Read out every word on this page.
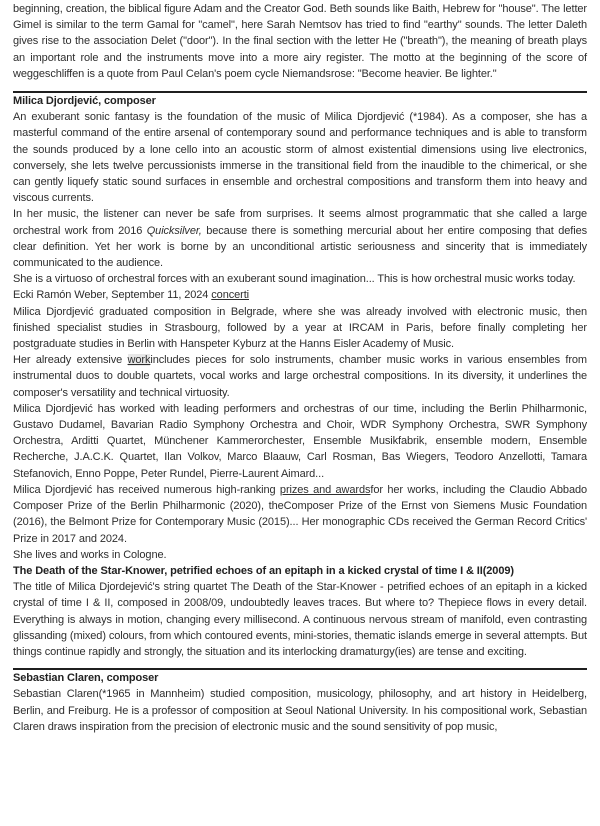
beginning, creation, the biblical figure Adam and the Creator God. Beth sounds like Baith, Hebrew for "house". The letter Gimel is similar to the term Gamal for "camel", here Sarah Nemtsov has tried to find "earthy" sounds. The letter Daleth gives rise to the association Delet ("door"). In the final section with the letter He ("breath"), the meaning of breath plays an important role and the instruments move into a more airy register. The motto at the beginning of the score of weggeschliffen is a quote from Paul Celan's poem cycle Niemandsrose: "Become heavier. Be lighter."

Milica Djordjević, composer

An exuberant sonic fantasy is the foundation of the music of Milica Djordjević (*1984). As a composer, she has a masterful command of the entire arsenal of contemporary sound and performance techniques and is able to transform the sounds produced by a lone cello into an acoustic storm of almost existential dimensions using live electronics, conversely, she lets twelve percussionists immerse in the transitional field from the inaudible to the chimerical, or she can gently liquefy static sound surfaces in ensemble and orchestral compositions and transform them into heavy and viscous currents.

In her music, the listener can never be safe from surprises. It seems almost programmatic that she called a large orchestral work from 2016 Quicksilver, because there is something mercurial about her entire composing that defies clear definition. Yet her work is borne by an unconditional artistic seriousness and sincerity that is immediately communicated to the audience.

She is a virtuoso of orchestral forces with an exuberant sound imagination... This is how orchestral music works today.

Ecki Ramón Weber, September 11, 2024 concerti

Milica Djordjević graduated composition in Belgrade, where she was already involved with electronic music, then finished specialist studies in Strasbourg, followed by a year at IRCAM in Paris, before finally completing her postgraduate studies in Berlin with Hanspeter Kyburz at the Hanns Eisler Academy of Music.

Her already extensive workincludes pieces for solo instruments, chamber music works in various ensembles from instrumental duos to double quartets, vocal works and large orchestral compositions. In its diversity, it underlines the composer's versatility and technical virtuosity.

Milica Djordjević has worked with leading performers and orchestras of our time, including the Berlin Philharmonic, Gustavo Dudamel, Bavarian Radio Symphony Orchestra and Choir, WDR Symphony Orchestra, SWR Symphony Orchestra, Arditti Quartet, Münchener Kammerorchester, Ensemble Musikfabrik, ensemble modern, Ensemble Recherche, J.A.C.K. Quartet, Ilan Volkov, Marco Blaauw, Carl Rosman, Bas Wiegers, Teodoro Anzellotti, Tamara Stefanovich, Enno Poppe, Peter Rundel, Pierre-Laurent Aimard...

Milica Djordjević has received numerous high-ranking prizes and awardsfor her works, including the Claudio Abbado Composer Prize of the Berlin Philharmonic (2020), theComposer Prize of the Ernst von Siemens Music Foundation (2016), the Belmont Prize for Contemporary Music (2015)... Her monographic CDs received the German Record Critics' Prize in 2017 and 2024.

She lives and works in Cologne.

The Death of the Star-Knower, petrified echoes of an epitaph in a kicked crystal of time I & II(2009)

The title of Milica Djordejević's string quartet The Death of the Star-Knower - petrified echoes of an epitaph in a kicked crystal of time I & II, composed in 2008/09, undoubtedly leaves traces. But where to? Thepiece flows in every detail. Everything is always in motion, changing every millisecond. A continuous nervous stream of manifold, even contrasting glissanding (mixed) colours, from which contoured events, mini-stories, thematic islands emerge in several attempts. But things continue rapidly and strongly, the situation and its interlocking dramaturgy(ies) are tense and exciting.

Sebastian Claren, composer

Sebastian Claren(*1965 in Mannheim) studied composition, musicology, philosophy, and art history in Heidelberg, Berlin, and Freiburg. He is a professor of composition at Seoul National University. In his compositional work, Sebastian Claren draws inspiration from the precision of electronic music and the sound sensitivity of pop music,
